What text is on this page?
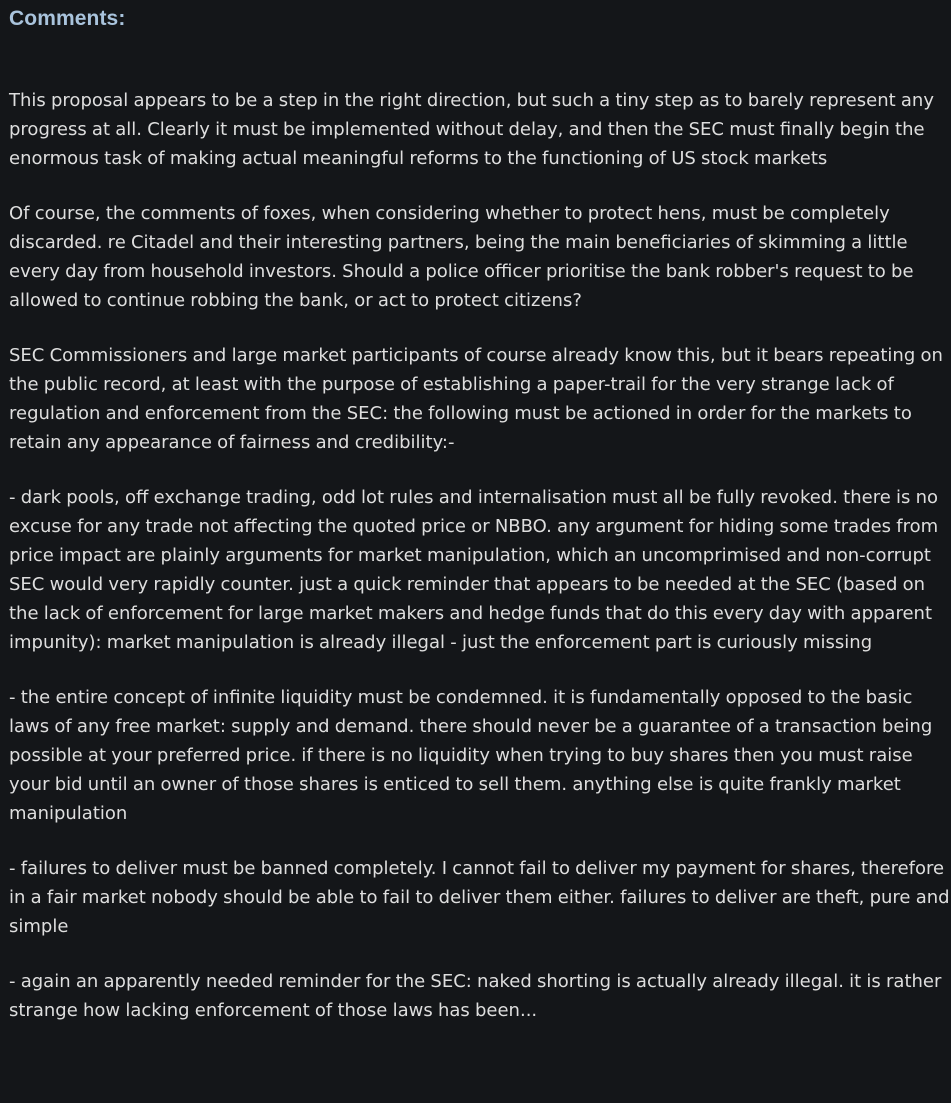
Comments:

This proposal appears to be a step in the right direction, but such a tiny step as to barely represent any progress at all. Clearly it must be implemented without delay, and then the SEC must finally begin the enormous task of making actual meaningful reforms to the functioning of US stock markets

Of course, the comments of foxes, when considering whether to protect hens, must be completely discarded. re Citadel and their interesting partners, being the main beneficiaries of skimming a little every day from household investors. Should a police officer prioritise the bank robber's request to be allowed to continue robbing the bank, or act to protect citizens?

SEC Commissioners and large market participants of course already know this, but it bears repeating on the public record, at least with the purpose of establishing a paper-trail for the very strange lack of regulation and enforcement from the SEC: the following must be actioned in order for the markets to retain any appearance of fairness and credibility:-

- dark pools, off exchange trading, odd lot rules and internalisation must all be fully revoked. there is no excuse for any trade not affecting the quoted price or NBBO. any argument for hiding some trades from price impact are plainly arguments for market manipulation, which an uncomprimised and non-corrupt SEC would very rapidly counter. just a quick reminder that appears to be needed at the SEC (based on the lack of enforcement for large market makers and hedge funds that do this every day with apparent impunity): market manipulation is already illegal - just the enforcement part is curiously missing

- the entire concept of infinite liquidity must be condemned. it is fundamentally opposed to the basic laws of any free market: supply and demand. there should never be a guarantee of a transaction being possible at your preferred price. if there is no liquidity when trying to buy shares then you must raise your bid until an owner of those shares is enticed to sell them. anything else is quite frankly market manipulation

- failures to deliver must be banned completely. I cannot fail to deliver my payment for shares, therefore in a fair market nobody should be able to fail to deliver them either. failures to deliver are theft, pure and simple

- again an apparently needed reminder for the SEC: naked shorting is actually already illegal. it is rather strange how lacking enforcement of those laws has been...
